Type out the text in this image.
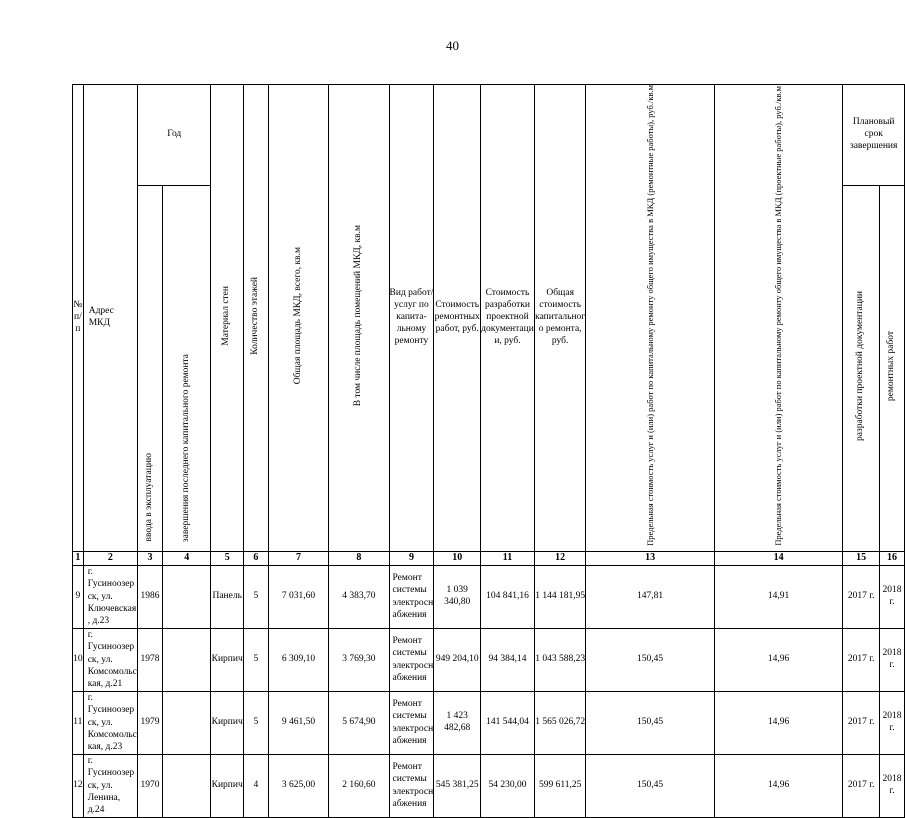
40
№ п/п	Адрес МКД	Год		Материал стен	Количество этажей	Общая площадь МКД, всего, кв.м	В том числе площадь помещений МКД, кв.м	Вид работ/ услуг по капита-льному ремонту	Стоимость ремонтных работ, руб.	Стоимость разработки проектной документаци и, руб.	Общая стоимость капитальног о ремонта, руб.	Предельная стоимость услуг и (или) работ по капитальному ремонту общего имущества в МКД (ремонтные работы), руб./кв.м	Предельная стоимость услуг и (или) работ по капитальному ремонту общего имущества в МКД (проектные работы), руб./кв.м	Плановый срок завершения	
		ввода в эксплуатацию	завершения последнего капитального ремонта											разработки проектной документации	ремонтных работ
1	2	3	4	5	6	7	8	9	10	11	12	13	14	15	16
9	г. Гусиноозер ск, ул. Ключевская , д.23	1986		Панель	5	7 031,60	4 383,70	Ремонт системы электросн абжения	1 039 340,80	104 841,16	1 144 181,95	147,81	14,91	2017 г.	2018 г.
10	г. Гусиноозер ск, ул. Комсомольс кая, д.21	1978		Кирпич	5	6 309,10	3 769,30	Ремонт системы электросн абжения	949 204,10	94 384,14	1 043 588,23	150,45	14,96	2017 г.	2018 г.
11	г. Гусиноозер ск, ул. Комсомольс кая, д.23	1979		Кирпич	5	9 461,50	5 674,90	Ремонт системы электросн абжения	1 423 482,68	141 544,04	1 565 026,72	150,45	14,96	2017 г.	2018 г.
12	г. Гусиноозер ск, ул. Ленина, д.24	1970		Кирпич	4	3 625,00	2 160,60	Ремонт системы электросн абжения	545 381,25	54 230,00	599 611,25	150,45	14,96	2017 г.	2018 г.
